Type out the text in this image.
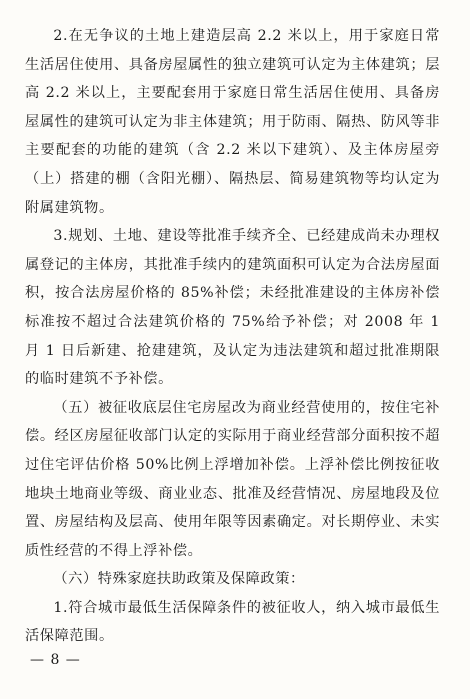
2.在无争议的土地上建造层高 2.2 米以上，用于家庭日常生活居住使用、具备房屋属性的独立建筑可认定为主体建筑；层高 2.2 米以上，主要配套用于家庭日常生活居住使用、具备房屋属性的建筑可认定为非主体建筑；用于防雨、隔热、防风等非主要配套的功能的建筑（含 2.2 米以下建筑）、及主体房屋旁（上）搭建的棚（含阳光棚）、隔热层、简易建筑物等均认定为附属建筑物。

3.规划、土地、建设等批准手续齐全、已经建成尚未办理权属登记的主体房，其批准手续内的建筑面积可认定为合法房屋面积，按合法房屋价格的 85%补偿；未经批准建设的主体房补偿标准按不超过合法建筑价格的 75%给予补偿；对 2008 年 1 月 1 日后新建、抢建建筑，及认定为违法建筑和超过批准期限的临时建筑不予补偿。

（五）被征收底层住宅房屋改为商业经营使用的，按住宅补偿。经区房屋征收部门认定的实际用于商业经营部分面积按不超过住宅评估价格 50%比例上浮增加补偿。上浮补偿比例按征收地块土地商业等级、商业业态、批准及经营情况、房屋地段及位置、房屋结构及层高、使用年限等因素确定。对长期停业、未实质性经营的不得上浮补偿。

（六）特殊家庭扶助政策及保障政策：

1.符合城市最低生活保障条件的被征收人，纳入城市最低生活保障范围。

— 8 —
